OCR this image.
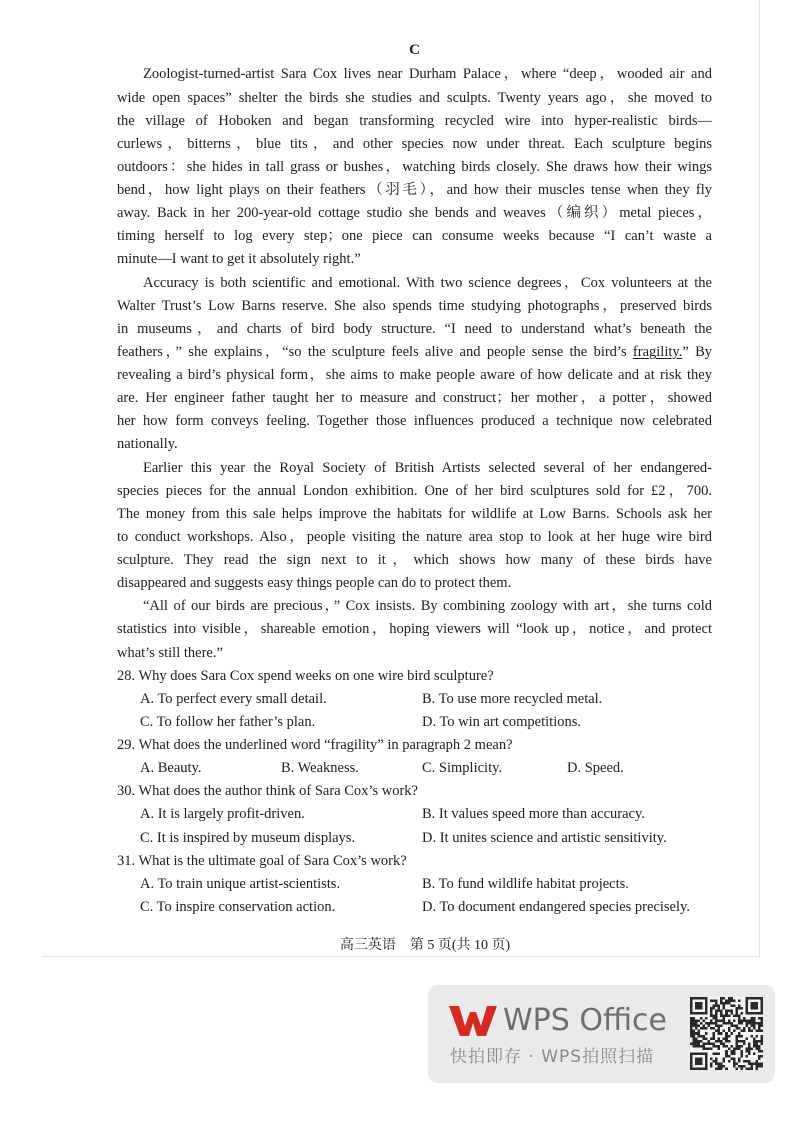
C
Zoologist-turned-artist Sara Cox lives near Durham Palace，where “deep，wooded air and
wide open spaces” shelter the birds she studies and sculpts. Twenty years ago，she moved to
the village of Hoboken and began transforming recycled wire into hyper-realistic birds—
curlews，bitterns，blue tits，and other species now under threat. Each sculpture begins
outdoors：she hides in tall grass or bushes，watching birds closely. She draws how their wings
bend，how light plays on their feathers（羽毛），and how their muscles tense when they fly
away. Back in her 200-year-old cottage studio she bends and weaves（编织）metal pieces，
timing herself to log every step；one piece can consume weeks because “I can’t waste a
minute—I want to get it absolutely right.”
Accuracy is both scientific and emotional. With two science degrees，Cox volunteers at the
Walter Trust’s Low Barns reserve. She also spends time studying photographs，preserved birds
in museums，and charts of bird body structure. “I need to understand what’s beneath the
feathers，” she explains，“so the sculpture feels alive and people sense the bird’s fragility.” By
revealing a bird’s physical form，she aims to make people aware of how delicate and at risk they
are. Her engineer father taught her to measure and construct；her mother，a potter，showed
her how form conveys feeling. Together those influences produced a technique now celebrated
nationally.
Earlier this year the Royal Society of British Artists selected several of her endangered-
species pieces for the annual London exhibition. One of her bird sculptures sold for £2，700.
The money from this sale helps improve the habitats for wildlife at Low Barns. Schools ask her
to conduct workshops. Also，people visiting the nature area stop to look at her huge wire bird
sculpture. They read the sign next to it，which shows how many of these birds have
disappeared and suggests easy things people can do to protect them.
“All of our birds are precious，” Cox insists. By combining zoology with art，she turns cold
statistics into visible，shareable emotion，hoping viewers will “look up，notice，and protect
what’s still there.”
28. Why does Sara Cox spend weeks on one wire bird sculpture?
A. To perfect every small detail.	B. To use more recycled metal.
C. To follow her father’s plan.	D. To win art competitions.
29. What does the underlined word “fragility” in paragraph 2 mean?
A. Beauty.	B. Weakness.	C. Simplicity.	D. Speed.
30. What does the author think of Sara Cox’s work?
A. It is largely profit-driven.	B. It values speed more than accuracy.
C. It is inspired by museum displays.	D. It unites science and artistic sensitivity.
31. What is the ultimate goal of Sara Cox’s work?
A. To train unique artist-scientists.	B. To fund wildlife habitat projects.
C. To inspire conservation action.	D. To document endangered species precisely.
高三英语　第 5 页(共 10 页)
WPS Office
快拍即存 · WPS拍照扫描
